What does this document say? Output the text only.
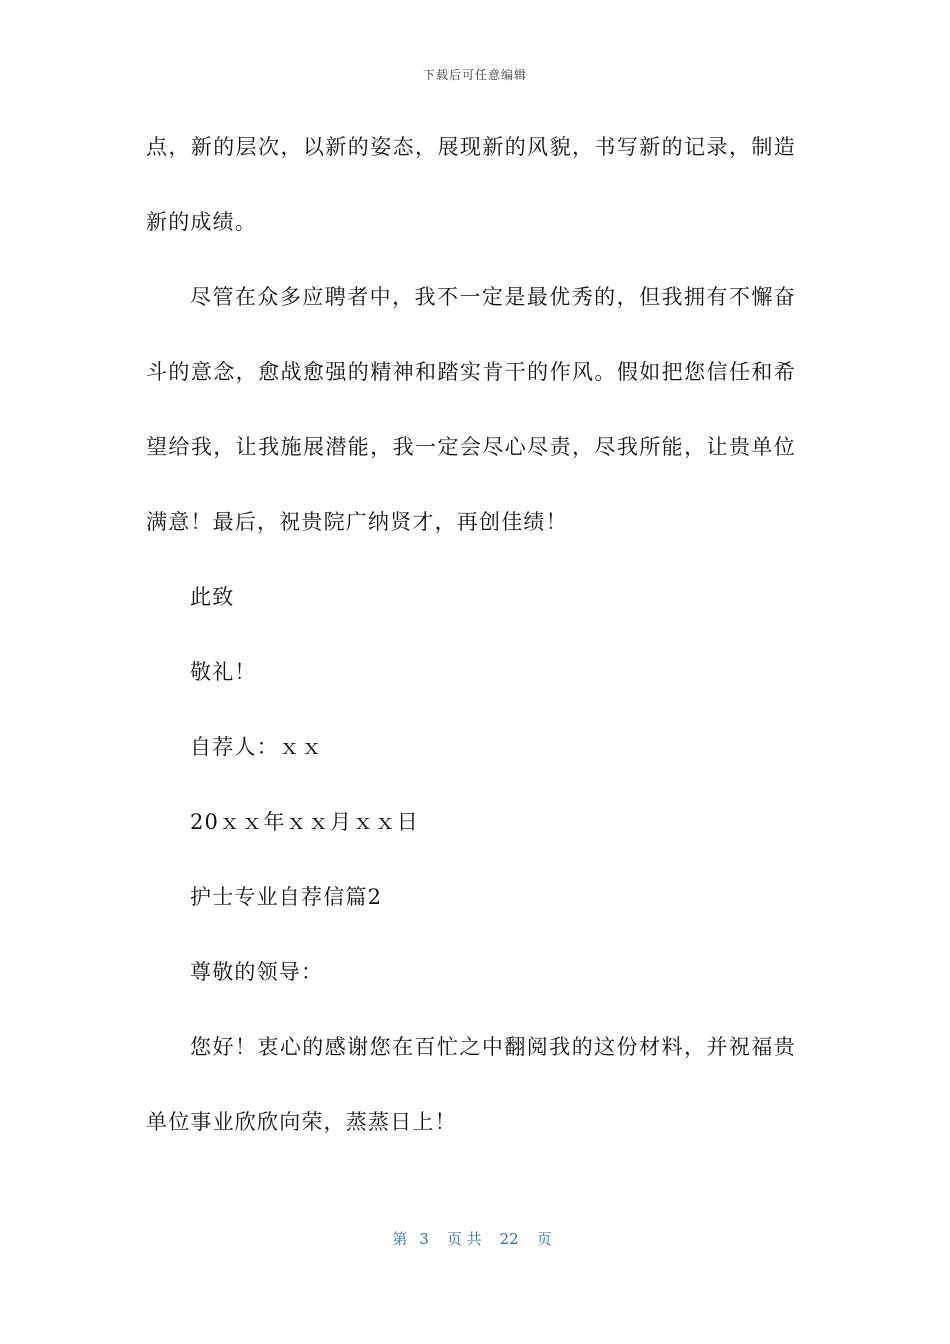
下载后可任意编辑
点，新的层次，以新的姿态，展现新的风貌，书写新的记录，制造
新的成绩。
尽管在众多应聘者中，我不一定是最优秀的，但我拥有不懈奋
斗的意念，愈战愈强的精神和踏实肯干的作风。假如把您信任和希
望给我，让我施展潜能，我一定会尽心尽责，尽我所能，让贵单位
满意！最后，祝贵院广纳贤才，再创佳绩！
此致
敬礼！
自荐人：ｘｘ
20ｘｘ年ｘｘ月ｘｘ日
护士专业自荐信篇2
尊敬的领导：
您好！衷心的感谢您在百忙之中翻阅我的这份材料，并祝福贵
单位事业欣欣向荣，蒸蒸日上！
第 3 页 共 22 页
